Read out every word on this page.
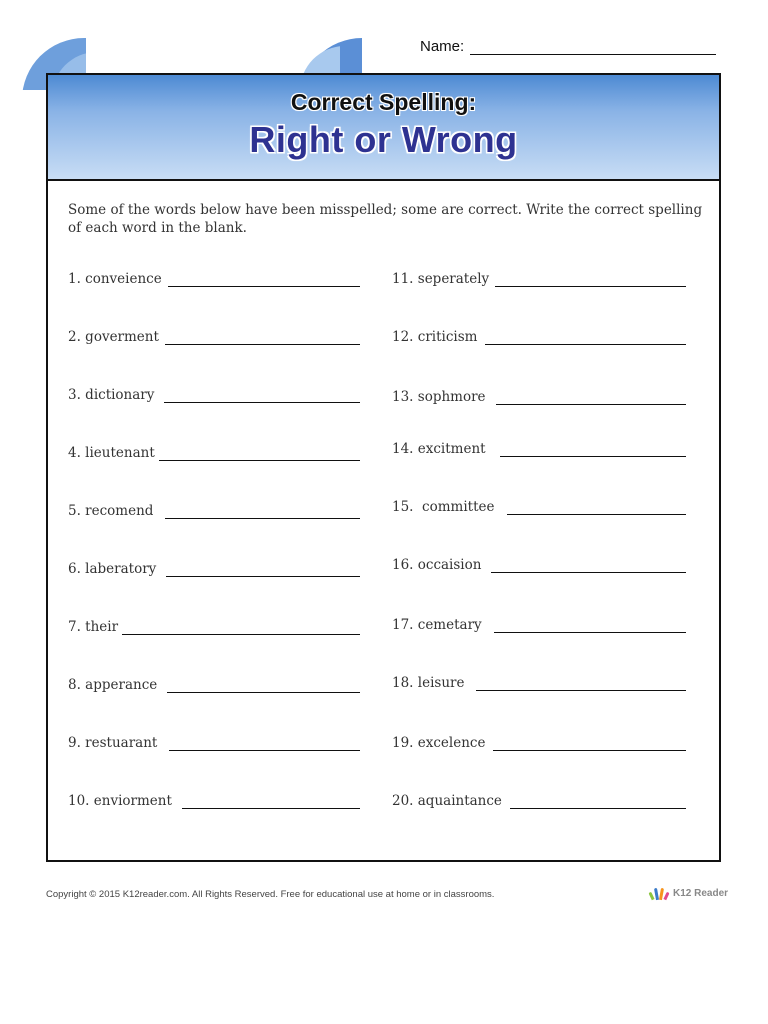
Name:
Correct Spelling:
Right or Wrong
Some of the words below have been misspelled; some are correct. Write the correct spelling of each word in the blank.
1. conveience
2. goverment
3. dictionary
4. lieutenant
5. recomend
6. laberatory
7. their
8. apperance
9. restuarant
10. enviorment
11. seperately
12. criticism
13. sophmore
14. excitment
15.  committee
16. occaision
17. cemetary
18. leisure
19. excelence
20. aquaintance
Copyright © 2015 K12reader.com. All Rights Reserved. Free for educational use at home or in classrooms.	K12 Reader
